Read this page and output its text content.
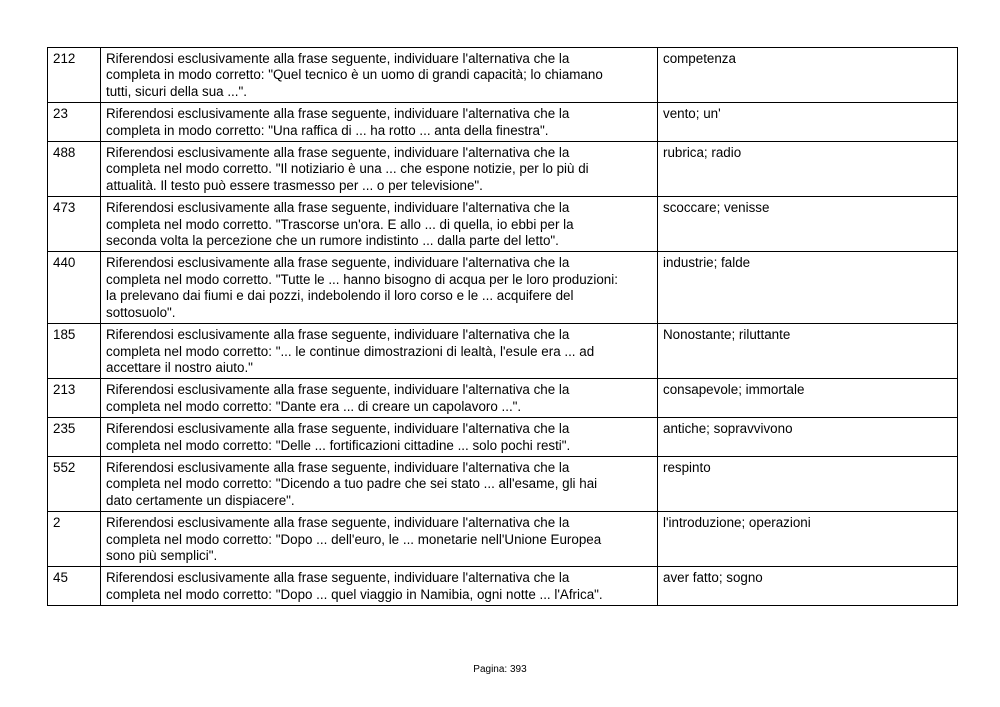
212	Riferendosi esclusivamente alla frase seguente, individuare l'alternativa che la
completa in modo corretto: "Quel tecnico è un uomo di grandi capacità; lo chiamano
tutti, sicuri della sua ...".	competenza
23	Riferendosi esclusivamente alla frase seguente, individuare l'alternativa che la
completa in modo corretto: "Una raffica di ... ha rotto ... anta della finestra".	vento; un'
488	Riferendosi esclusivamente alla frase seguente, individuare l'alternativa che la
completa nel modo corretto. "Il notiziario è una ... che espone notizie, per lo più di
attualità. Il testo può essere trasmesso per ... o per televisione".	rubrica; radio
473	Riferendosi esclusivamente alla frase seguente, individuare l'alternativa che la
completa nel modo corretto. "Trascorse un'ora. E allo ... di quella, io ebbi per la
seconda volta la percezione che un rumore indistinto ... dalla parte del letto".	scoccare; venisse
440	Riferendosi esclusivamente alla frase seguente, individuare l'alternativa che la
completa nel modo corretto. "Tutte le ... hanno bisogno di acqua per le loro produzioni:
la prelevano dai fiumi e dai pozzi, indebolendo il loro corso e le ... acquifere del
sottosuolo".	industrie; falde
185	Riferendosi esclusivamente alla frase seguente, individuare l'alternativa che la
completa nel modo corretto: "... le continue dimostrazioni di lealtà, l'esule era ... ad
accettare il nostro aiuto."	Nonostante; riluttante
213	Riferendosi esclusivamente alla frase seguente, individuare l'alternativa che la
completa nel modo corretto: "Dante era ... di creare un capolavoro ...".	consapevole; immortale
235	Riferendosi esclusivamente alla frase seguente, individuare l'alternativa che la
completa nel modo corretto: "Delle ... fortificazioni cittadine ... solo pochi resti".	antiche; sopravvivono
552	Riferendosi esclusivamente alla frase seguente, individuare l'alternativa che la
completa nel modo corretto: "Dicendo a tuo padre che sei stato ... all'esame, gli hai
dato certamente un dispiacere".	respinto
2	Riferendosi esclusivamente alla frase seguente, individuare l'alternativa che la
completa nel modo corretto: "Dopo ... dell'euro, le ... monetarie nell'Unione Europea
sono più semplici".	l'introduzione; operazioni
45	Riferendosi esclusivamente alla frase seguente, individuare l'alternativa che la
completa nel modo corretto: "Dopo ... quel viaggio in Namibia, ogni notte ... l'Africa".	aver fatto; sogno
Pagina: 393
